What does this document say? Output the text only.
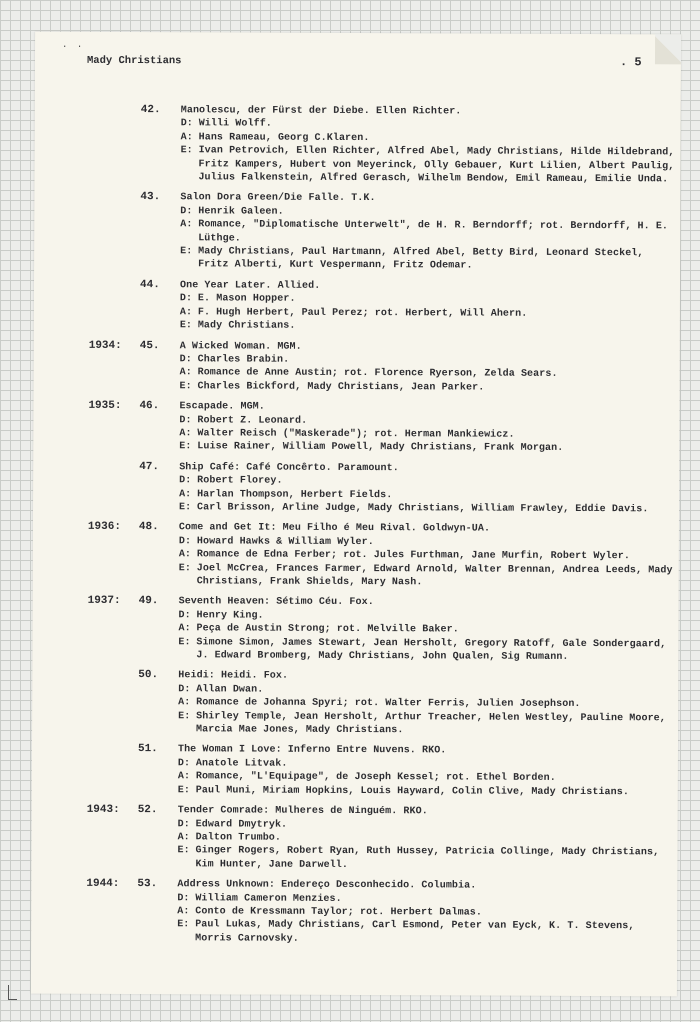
· ·
Mady Christians	. 5
42. Manolescu, der Fürst der Diebe. Ellen Richter.
D: Willi Wolff.
A: Hans Rameau, Georg C.Klaren.
E: Ivan Petrovich, Ellen Richter, Alfred Abel, Mady Christians, Hilde Hildebrand, Fritz Kampers, Hubert von Meyerinck, Olly Gebauer, Kurt Lilien, Albert Paulig, Julius Falkenstein, Alfred Gerasch, Wilhelm Bendow, Emil Rameau, Emilie Unda.
43. Salon Dora Green/Die Falle. T.K.
D: Henrik Galeen.
A: Romance, "Diplomatische Unterwelt", de H. R. Berndorff; rot. Berndorff, H. E. Lüthge.
E: Mady Christians, Paul Hartmann, Alfred Abel, Betty Bird, Leonard Steckel, Fritz Alberti, Kurt Vespermann, Fritz Odemar.
44. One Year Later. Allied.
D: E. Mason Hopper.
A: F. Hugh Herbert, Paul Perez; rot. Herbert, Will Ahern.
E: Mady Christians.
1934: 45. A Wicked Woman. MGM.
D: Charles Brabin.
A: Romance de Anne Austin; rot. Florence Ryerson, Zelda Sears.
E: Charles Bickford, Mady Christians, Jean Parker.
1935: 46. Escapade. MGM.
D: Robert Z. Leonard.
A: Walter Reisch ("Maskerade"); rot. Herman Mankiewicz.
E: Luise Rainer, William Powell, Mady Christians, Frank Morgan.
47. Ship Café: Café Concêrto. Paramount.
D: Robert Florey.
A: Harlan Thompson, Herbert Fields.
E: Carl Brisson, Arline Judge, Mady Christians, William Frawley, Eddie Davis.
1936: 48. Come and Get It: Meu Filho é Meu Rival. Goldwyn-UA.
D: Howard Hawks & William Wyler.
A: Romance de Edna Ferber; rot. Jules Furthman, Jane Murfin, Robert Wyler.
E: Joel McCrea, Frances Farmer, Edward Arnold, Walter Brennan, Andrea Leeds, Mady Christians, Frank Shields, Mary Nash.
1937: 49. Seventh Heaven: Sétimo Céu. Fox.
D: Henry King.
A: Peça de Austin Strong; rot. Melville Baker.
E: Simone Simon, James Stewart, Jean Hersholt, Gregory Ratoff, Gale Sondergaard, J. Edward Bromberg, Mady Christians, John Qualen, Sig Rumann.
50. Heidi: Heidi. Fox.
D: Allan Dwan.
A: Romance de Johanna Spyri; rot. Walter Ferris, Julien Josephson.
E: Shirley Temple, Jean Hersholt, Arthur Treacher, Helen Westley, Pauline Moore, Marcia Mae Jones, Mady Christians.
51. The Woman I Love: Inferno Entre Nuvens. RKO.
D: Anatole Litvak.
A: Romance, "L'Equipage", de Joseph Kessel; rot. Ethel Borden.
E: Paul Muni, Miriam Hopkins, Louis Hayward, Colin Clive, Mady Christians.
1943: 52. Tender Comrade: Mulheres de Ninguém. RKO.
D: Edward Dmytryk.
A: Dalton Trumbo.
E: Ginger Rogers, Robert Ryan, Ruth Hussey, Patricia Collinge, Mady Christians, Kim Hunter, Jane Darwell.
1944: 53. Address Unknown: Endereço Desconhecido. Columbia.
D: William Cameron Menzies.
A: Conto de Kressmann Taylor; rot. Herbert Dalmas.
E: Paul Lukas, Mady Christians, Carl Esmond, Peter van Eyck, K. T. Stevens, Morris Carnovsky.
